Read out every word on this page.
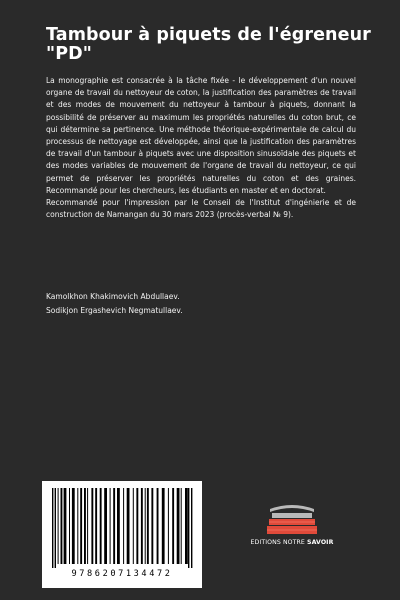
Tambour à piquets de l'égreneur "PD"

La monographie est consacrée à la tâche fixée - le développement d'un nouvel organe de travail du nettoyeur de coton, la justification des paramètres de travail et des modes de mouvement du nettoyeur à tambour à piquets, donnant la possibilité de préserver au maximum les propriétés naturelles du coton brut, ce qui détermine sa pertinence. Une méthode théorique-expérimentale de calcul du processus de nettoyage est développée, ainsi que la justification des paramètres de travail d'un tambour à piquets avec une disposition sinusoïdale des piquets et des modes variables de mouvement de l'organe de travail du nettoyeur, ce qui permet de préserver les propriétés naturelles du coton et des graines. Recommandé pour les chercheurs, les étudiants en master et en doctorat.

Recommandé pour l'impression par le Conseil de l'Institut d'ingénierie et de construction de Namangan du 30 mars 2023 (procès-verbal № 9).

Kamolkhon Khakimovich Abdullaev.
Sodikjon Ergashevich Negmatullaev.
9786207134472
EDITIONS NOTRE SAVOIR
